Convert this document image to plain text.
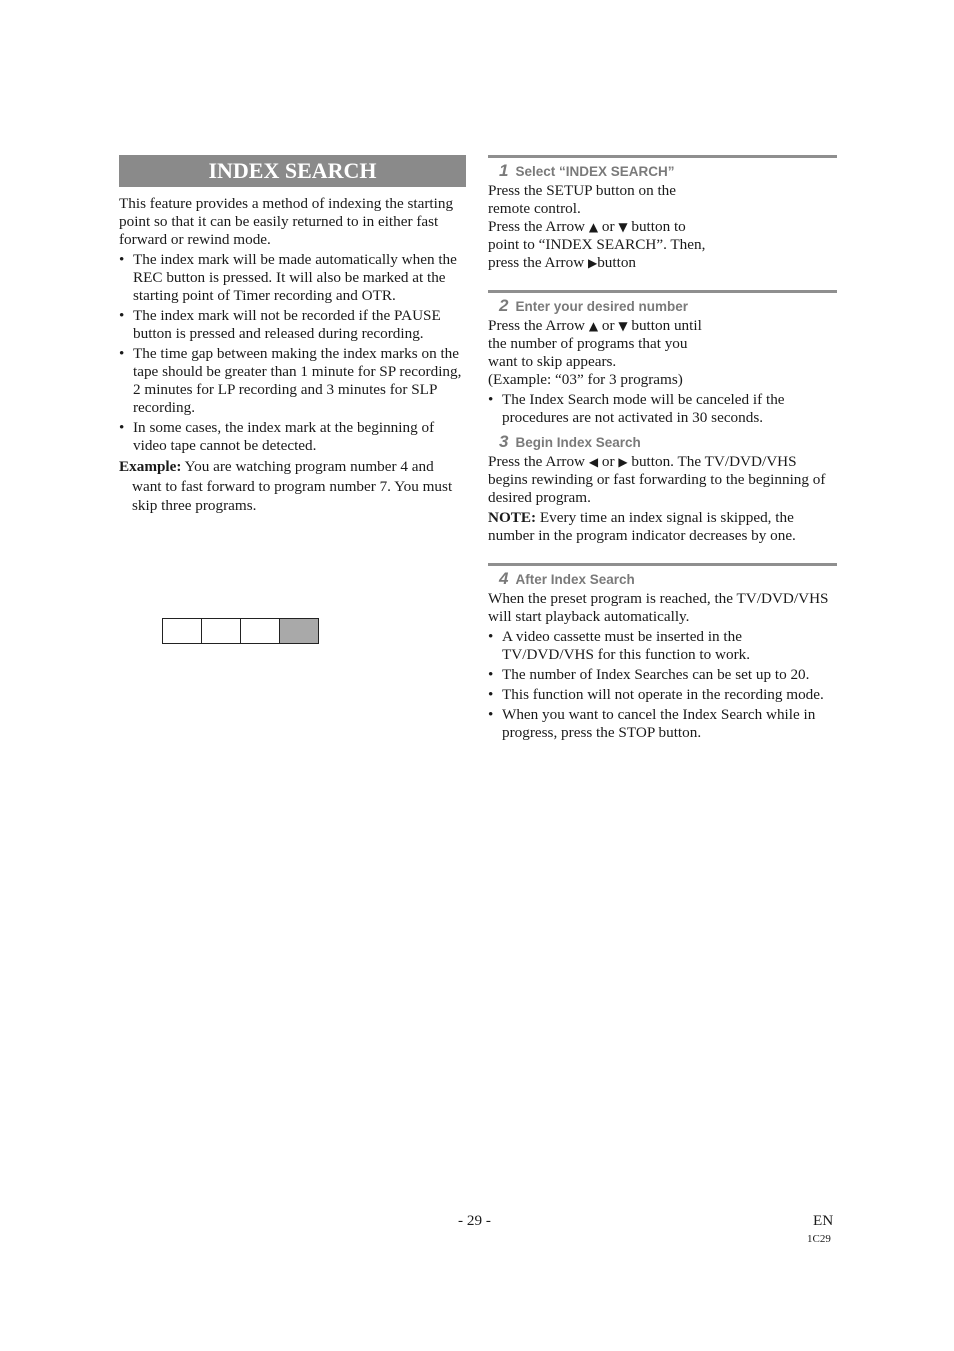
INDEX SEARCH

This feature provides a method of indexing the starting point so that it can be easily returned to in either fast forward or rewind mode.

• The index mark will be made automatically when the REC button is pressed. It will also be marked at the starting point of Timer recording and OTR.
• The index mark will not be recorded if the PAUSE button is pressed and released during recording.
• The time gap between making the index marks on the tape should be greater than 1 minute for SP recording, 2 minutes for LP recording and 3 minutes for SLP recording.
• In some cases, the index mark at the beginning of video tape cannot be detected.

Example: You are watching program number 4 and want to fast forward to program number 7. You must skip three programs.

1 Select “INDEX SEARCH”

Press the SETUP button on the

remote control.

Press the Arrow ▲ or ▼ button to

point to “INDEX SEARCH”. Then,

press the Arrow ▶button

2 Enter your desired number

Press the Arrow ▲ or ▼ button until

the number of programs that you

want to skip appears.

(Example: “03” for 3 programs)

• The Index Search mode will be canceled if the procedures are not activated in 30 seconds.
3 Begin Index Search

Press the Arrow ◀ or ▶ button. The TV/DVD/VHS begins rewinding or fast forwarding to the beginning of desired program.

NOTE: Every time an index signal is skipped, the number in the program indicator decreases by one.

4 After Index Search

When the preset program is reached, the TV/DVD/VHS will start playback automatically.

• A video cassette must be inserted in the TV/DVD/VHS for this function to work.
• The number of Index Searches can be set up to 20.
• This function will not operate in the recording mode.
• When you want to cancel the Index Search while in progress, press the STOP button.
- 29 -	EN
1C29
